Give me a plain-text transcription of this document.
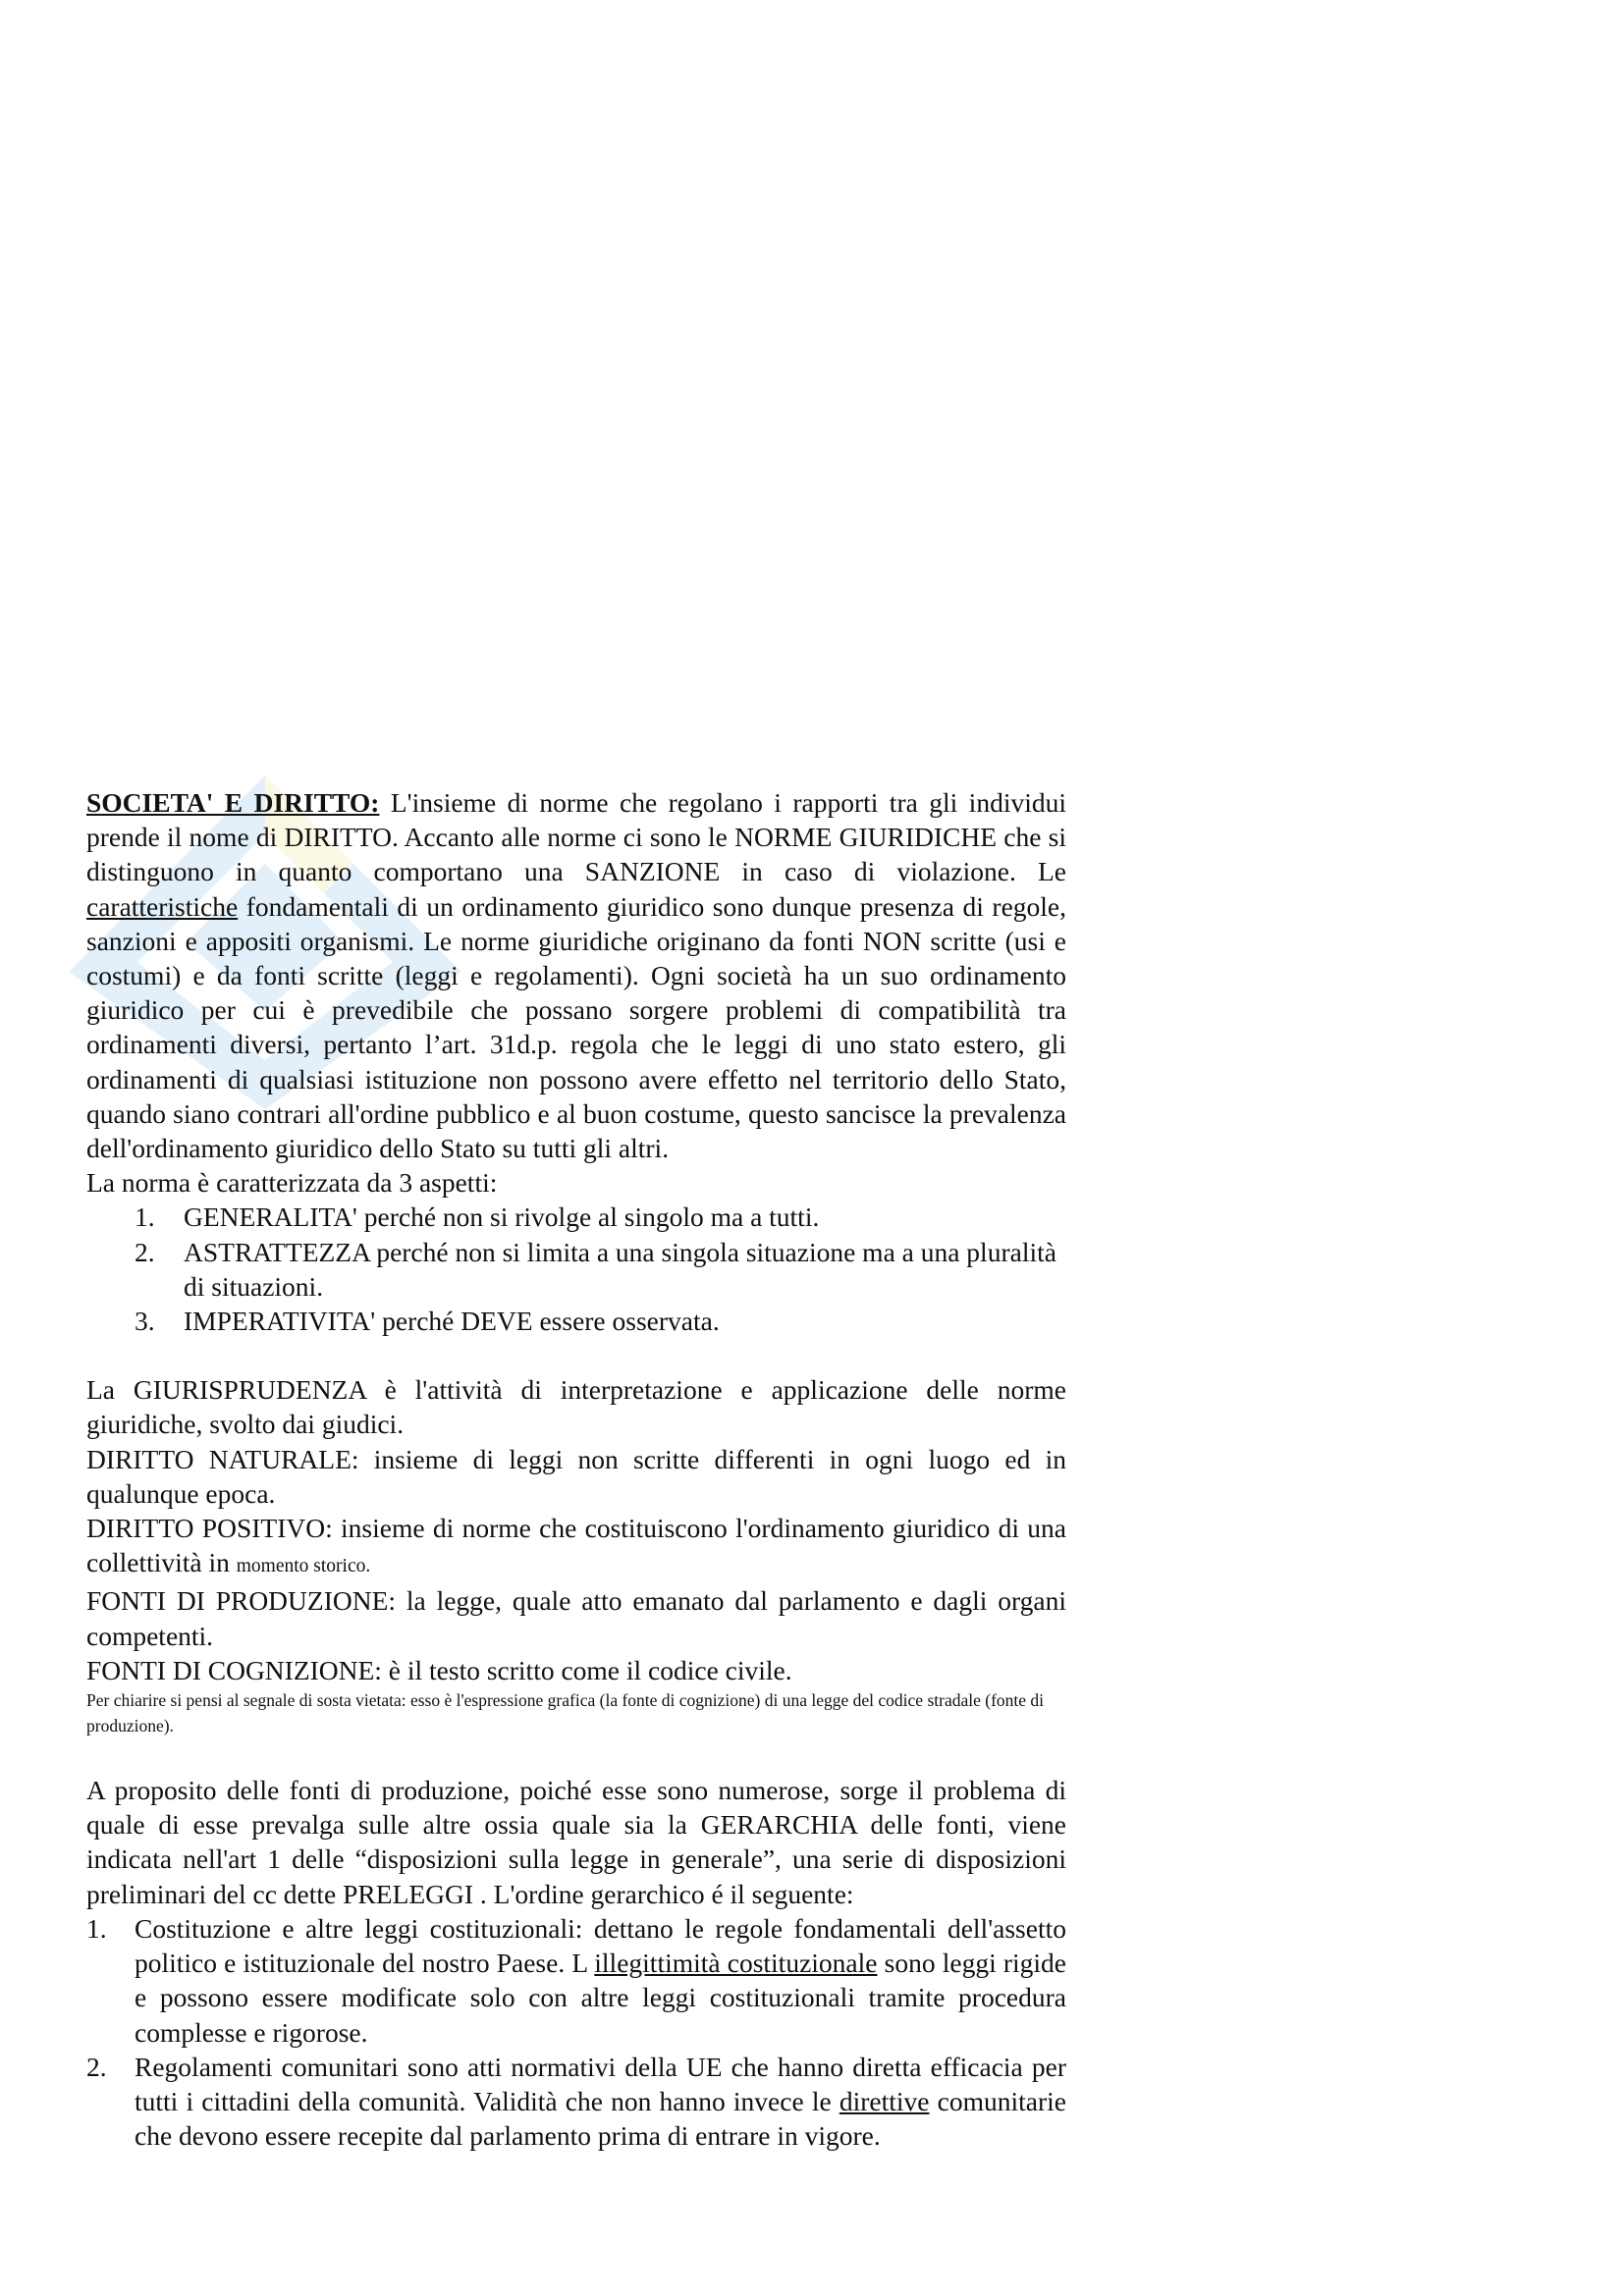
SOCIETA' E DIRITTO: L'insieme di norme che regolano i rapporti tra gli individui prende il nome di DIRITTO. Accanto alle norme ci sono le NORME GIURIDICHE che si distinguono in quanto comportano una SANZIONE in caso di violazione. Le caratteristiche fondamentali di un ordinamento giuridico sono dunque presenza di regole, sanzioni e appositi organismi. Le norme giuridiche originano da fonti NON scritte (usi e costumi) e da fonti scritte (leggi e regolamenti). Ogni società ha un suo ordinamento giuridico per cui è prevedibile che possano sorgere problemi di compatibilità tra ordinamenti diversi, pertanto l’art. 31d.p. regola che le leggi di uno stato estero, gli ordinamenti di qualsiasi istituzione non possono avere effetto nel territorio dello Stato, quando siano contrari all'ordine pubblico e al buon costume, questo sancisce la prevalenza dell'ordinamento giuridico dello Stato su tutti gli altri.

La norma è caratterizzata da 3 aspetti:

1. GENERALITA' perché non si rivolge al singolo ma a tutti.
2. ASTRATTEZZA perché non si limita a una singola situazione ma a una pluralità di situazioni.
3. IMPERATIVITA' perché DEVE essere osservata.

La GIURISPRUDENZA è l'attività di interpretazione e applicazione delle norme giuridiche, svolto dai giudici.

DIRITTO NATURALE: insieme di leggi non scritte differenti in ogni luogo ed in qualunque epoca.

DIRITTO POSITIVO: insieme di norme che costituiscono l'ordinamento giuridico di una collettività in momento storico.

FONTI DI PRODUZIONE: la legge, quale atto emanato dal parlamento e dagli organi competenti.

FONTI DI COGNIZIONE: è il testo scritto come il codice civile.

Per chiarire si pensi al segnale di sosta vietata: esso è l'espressione grafica (la fonte di cognizione) di una legge del codice stradale (fonte di produzione).

A proposito delle fonti di produzione, poiché esse sono numerose, sorge il problema di quale di esse prevalga sulle altre ossia quale sia la GERARCHIA delle fonti, viene indicata nell'art 1 delle “disposizioni sulla legge in generale”, una serie di disposizioni preliminari del cc dette PRELEGGI . L'ordine gerarchico é il seguente:

1. Costituzione e altre leggi costituzionali: dettano le regole fondamentali dell'assetto politico e istituzionale del nostro Paese. L illegittimità costituzionale sono leggi rigide e possono essere modificate solo con altre leggi costituzionali tramite procedura complesse e rigorose.
2. Regolamenti comunitari sono atti normativi della UE che hanno diretta efficacia per tutti i cittadini della comunità. Validità che non hanno invece le direttive comunitarie che devono essere recepite dal parlamento prima di entrare in vigore.
